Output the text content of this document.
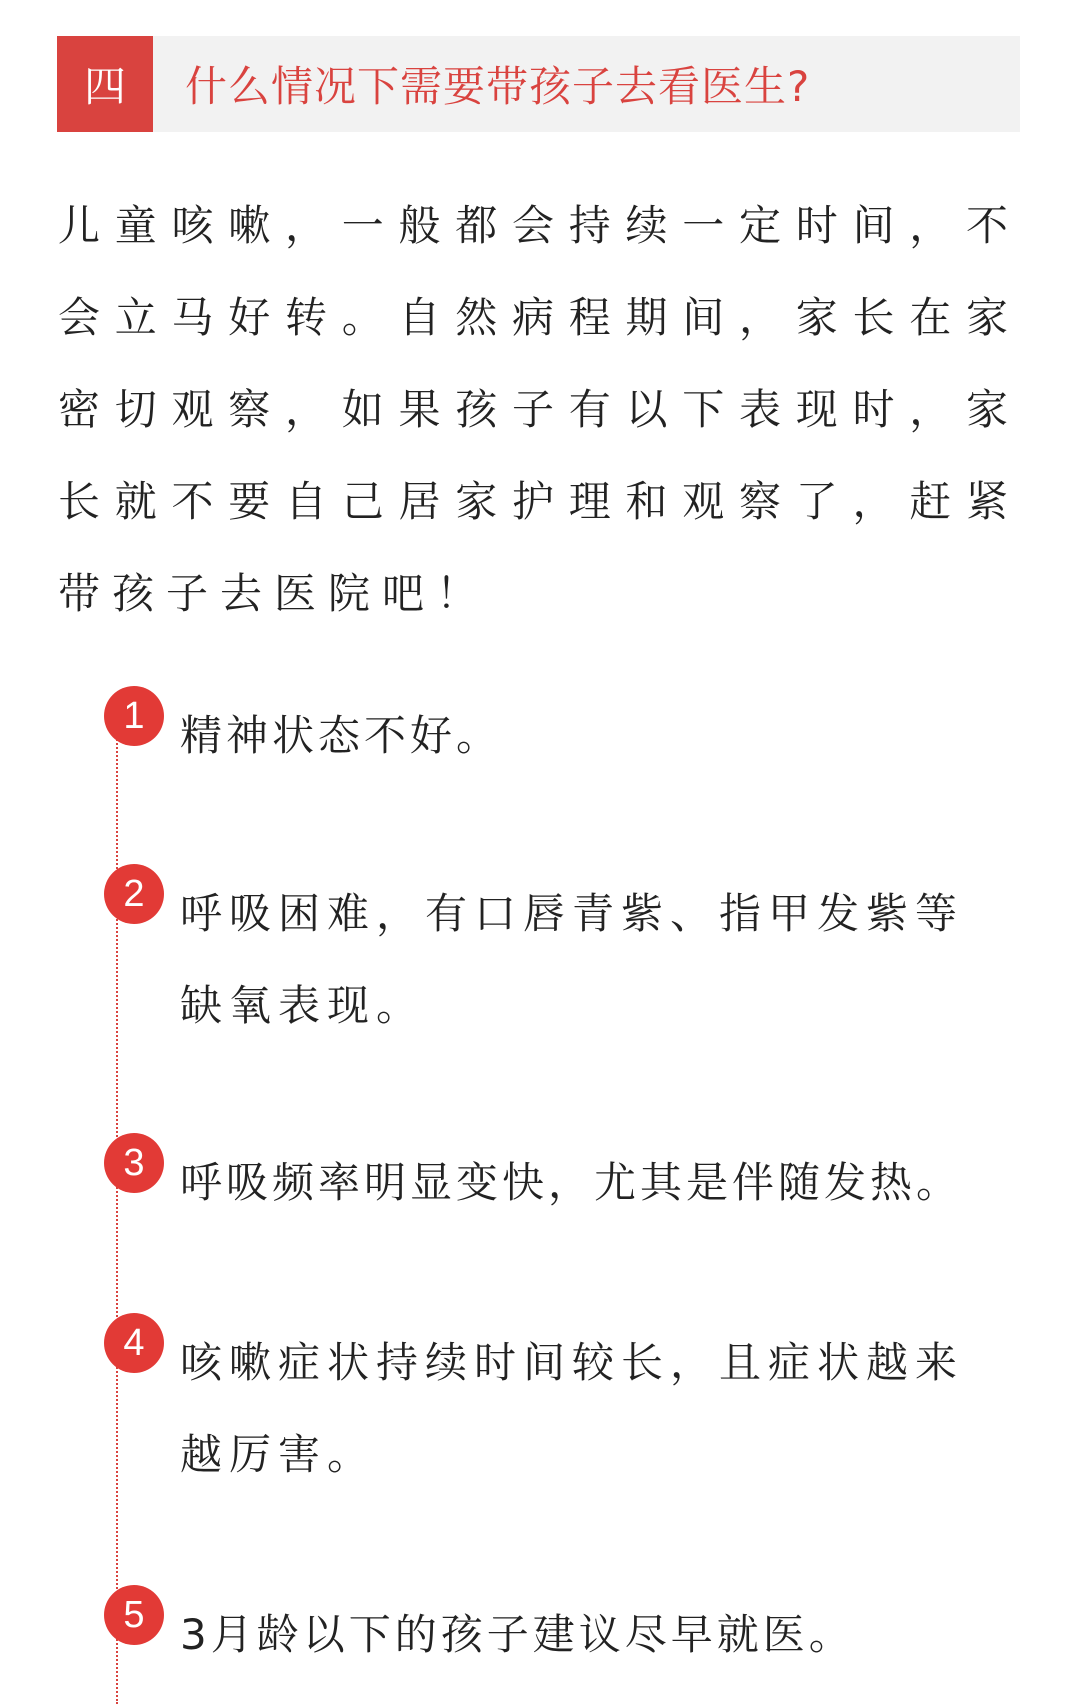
四	什么情况下需要带孩子去看医生?

儿童咳嗽，一般都会持续一定时间，不会立马好转。自然病程期间，家长在家密切观察，如果孩子有以下表现时，家长就不要自己居家护理和观察了，赶紧带孩子去医院吧！

1 精神状态不好。

2 呼吸困难，有口唇青紫、指甲发紫等缺氧表现。

3 呼吸频率明显变快，尤其是伴随发热。

4 咳嗽症状持续时间较长，且症状越来越厉害。

5 3月龄以下的孩子建议尽早就医。
